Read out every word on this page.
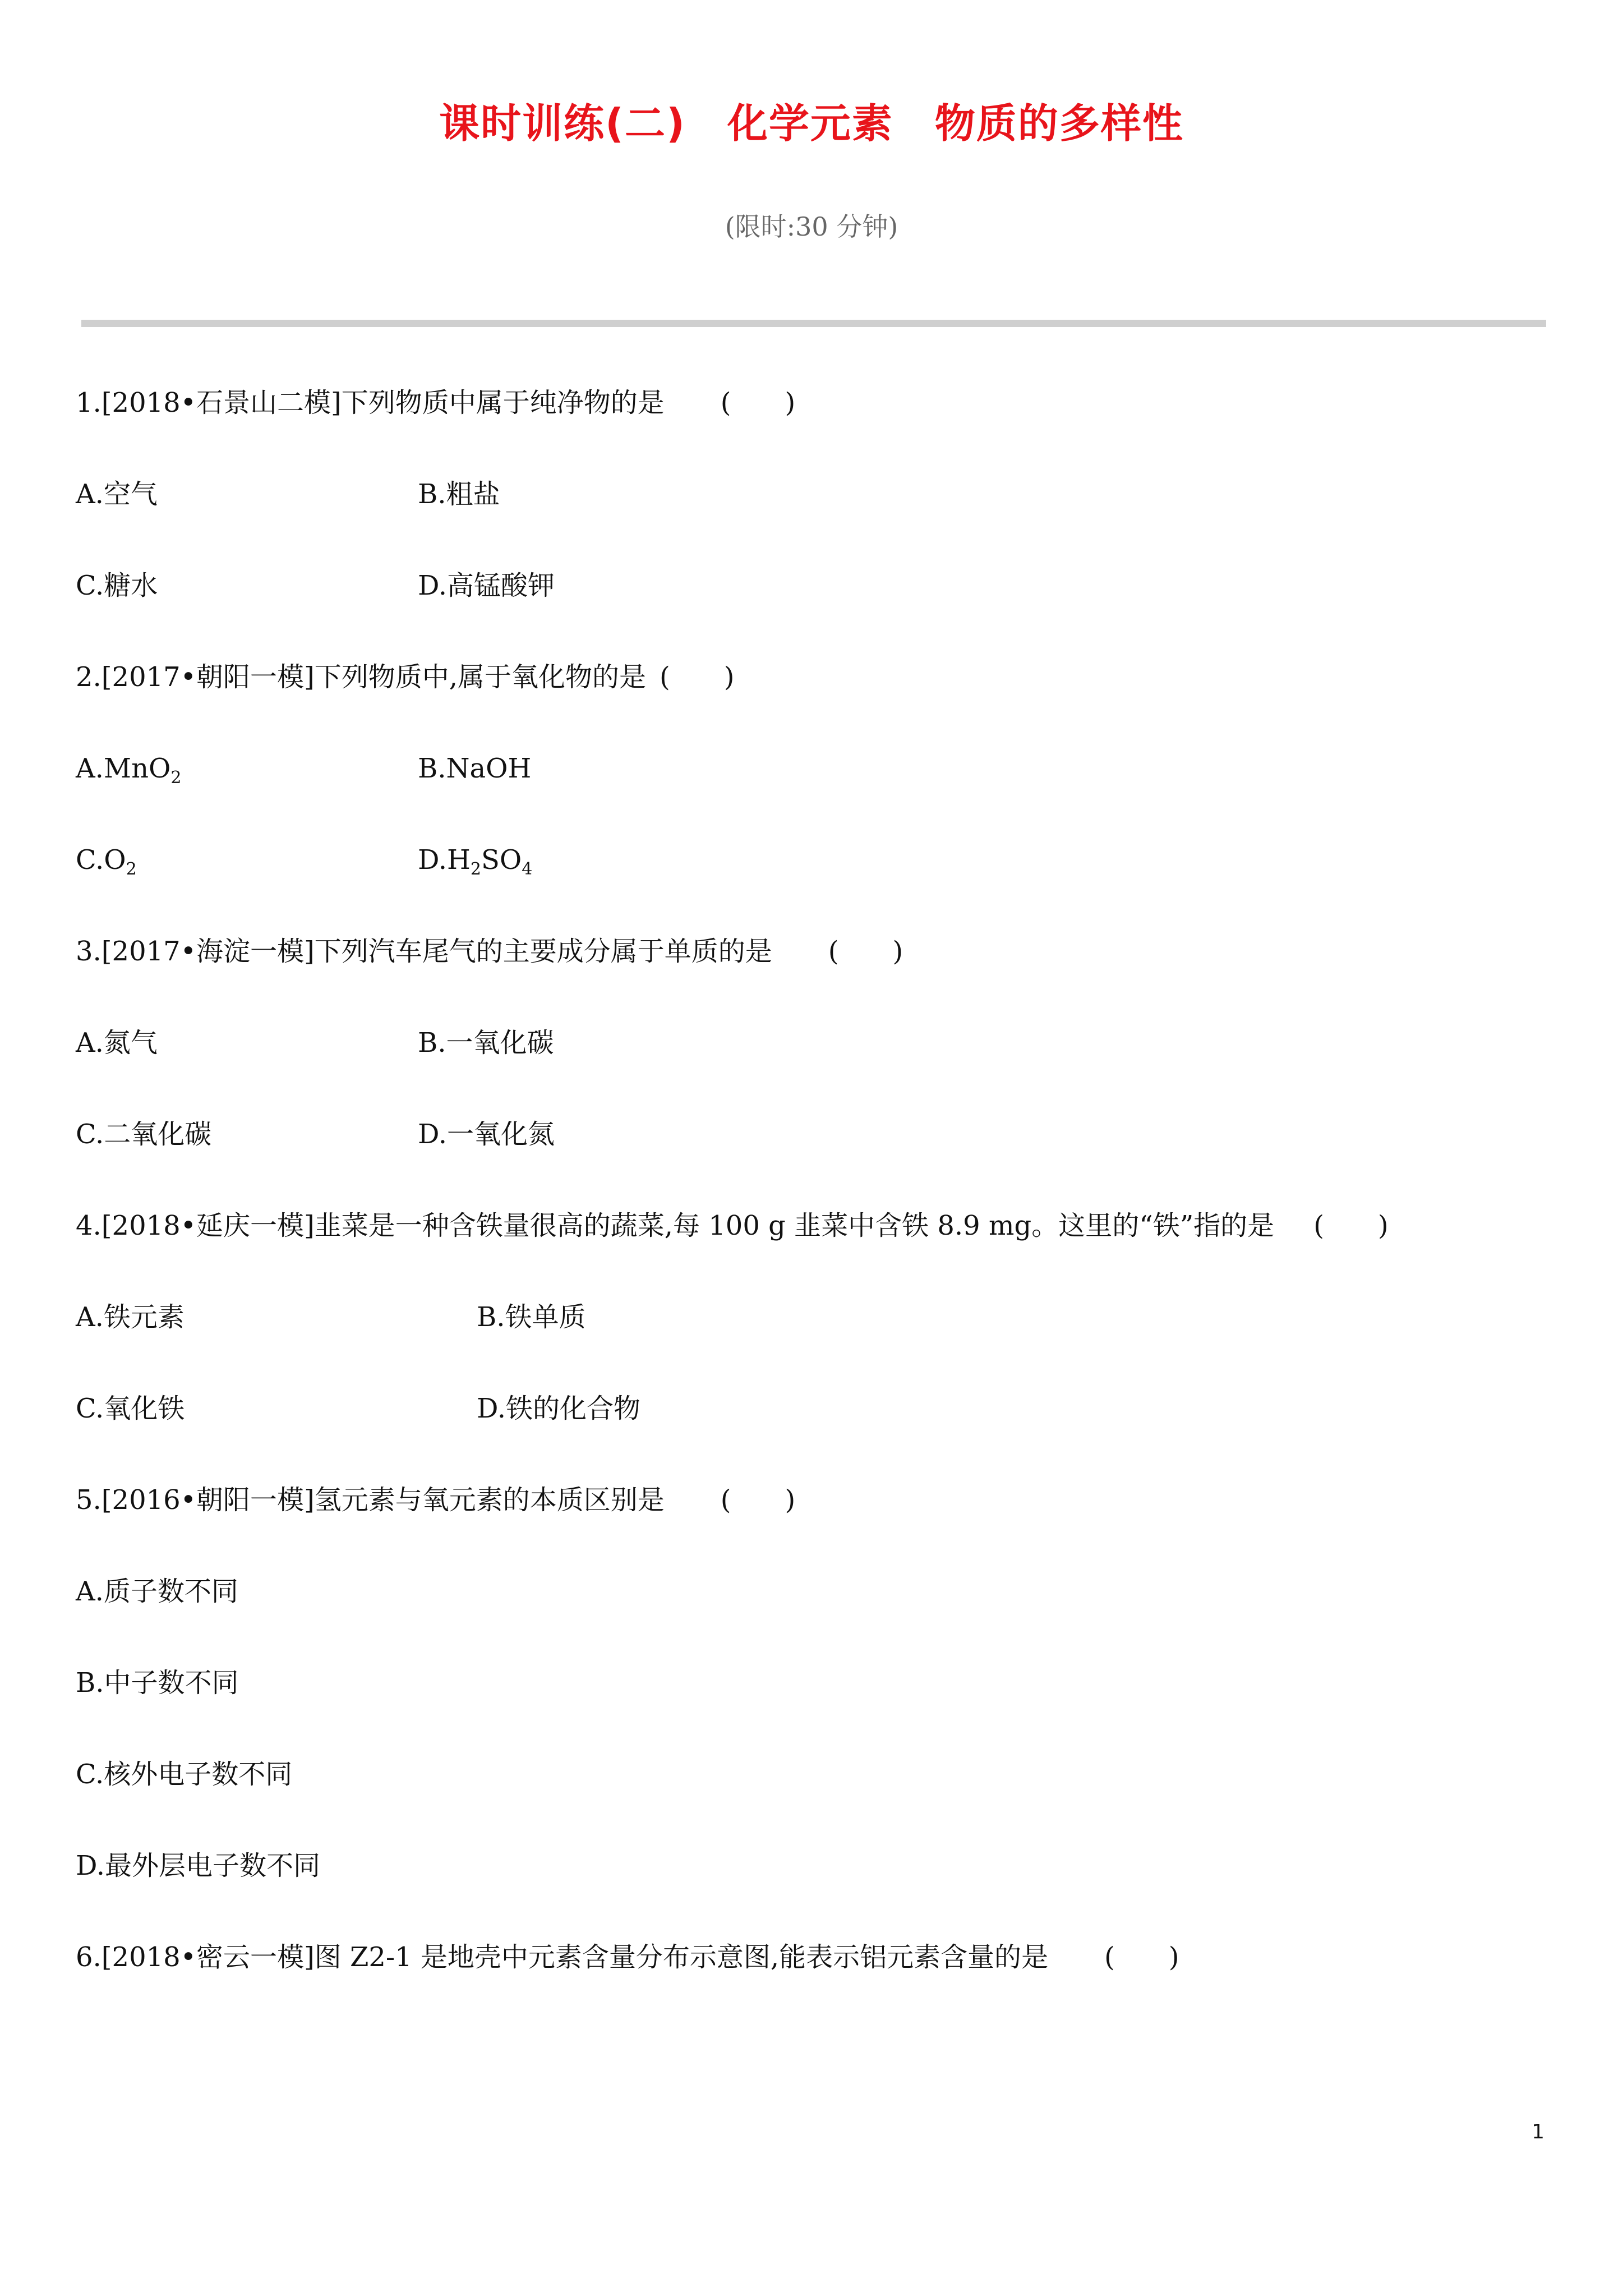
课时训练(二)　化学元素　物质的多样性
(限时:30 分钟)
1.[2018•石景山二模]下列物质中属于纯净物的是 (　　)
A.空气	B.粗盐
C.糖水	D.高锰酸钾
2.[2017•朝阳一模]下列物质中,属于氧化物的是 (　　)
A.MnO$_2$	B.NaOH
$C.O_2$	$D.H_2SO_4$
3.[2017•海淀一模]下列汽车尾气的主要成分属于单质的是 (　　)
A.氮气	B.一氧化碳
C.二氧化碳	D.一氧化氮
4.[2018•延庆一模]韭菜是一种含铁量很高的蔬菜,每 100 g 韭菜中含铁 8.9 mg。这里的“铁”指的是 (　　)
A.铁元素	B.铁单质
C.氧化铁	D.铁的化合物
5.[2016•朝阳一模]氢元素与氧元素的本质区别是 (　　)
A.质子数不同
B.中子数不同
C.核外电子数不同
D.最外层电子数不同
6.[2018•密云一模]图 Z2-1 是地壳中元素含量分布示意图,能表示铝元素含量的是 (　　)
1
